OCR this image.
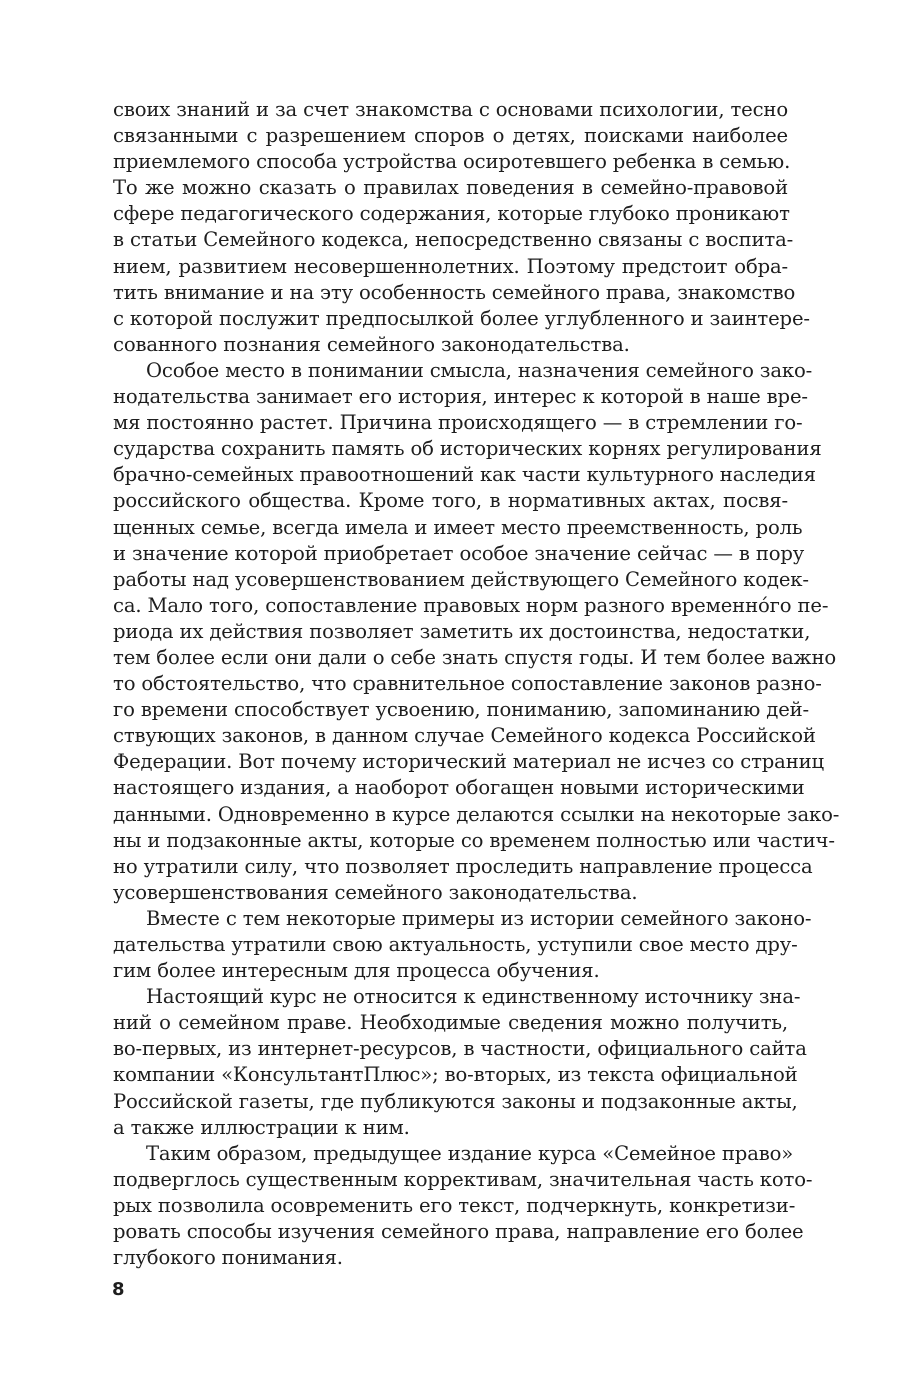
своих знаний и за счет знакомства с основами психологии, тесно
связанными с разрешением споров о детях, поисками наиболее
приемлемого способа устройства осиротевшего ребенка в семью.
То же можно сказать о правилах поведения в семейно-правовой
сфере педагогического содержания, которые глубоко проникают
в статьи Семейного кодекса, непосредственно связаны с воспита-
нием, развитием несовершеннолетних. Поэтому предстоит обра-
тить внимание и на эту особенность семейного права, знакомство
с которой послужит предпосылкой более углубленного и заинтере-
сованного познания семейного законодательства.
Особое место в понимании смысла, назначения семейного зако-
нодательства занимает его история, интерес к которой в наше вре-
мя постоянно растет. Причина происходящего — в стремлении го-
сударства сохранить память об исторических корнях регулирования
брачно-семейных правоотношений как части культурного наследия
российского общества. Кроме того, в нормативных актах, посвя-
щенных семье, всегда имела и имеет место преемственность, роль
и значение которой приобретает особое значение сейчас — в пору
работы над усовершенствованием действующего Семейного кодек-
са. Мало того, сопоставление правовых норм разного временно́го пе-
риода их действия позволяет заметить их достоинства, недостатки,
тем более если они дали о себе знать спустя годы. И тем более важно
то обстоятельство, что сравнительное сопоставление законов разно-
го времени способствует усвоению, пониманию, запоминанию дей-
ствующих законов, в данном случае Семейного кодекса Российской
Федерации. Вот почему исторический материал не исчез со страниц
настоящего издания, а наоборот обогащен новыми историческими
данными. Одновременно в курсе делаются ссылки на некоторые зако-
ны и подзаконные акты, которые со временем полностью или частич-
но утратили силу, что позволяет проследить направление процесса
усовершенствования семейного законодательства.
Вместе с тем некоторые примеры из истории семейного законо-
дательства утратили свою актуальность, уступили свое место дру-
гим более интересным для процесса обучения.
Настоящий курс не относится к единственному источнику зна-
ний о семейном праве. Необходимые сведения можно получить,
во-первых, из интернет-ресурсов, в частности, официального сайта
компании «КонсультантПлюс»; во-вторых, из текста официальной
Российской газеты, где публикуются законы и подзаконные акты,
а также иллюстрации к ним.
Таким образом, предыдущее издание курса «Семейное право»
подверглось существенным коррективам, значительная часть кото-
рых позволила осовременить его текст, подчеркнуть, конкретизи-
ровать способы изучения семейного права, направление его более
глубокого понимания.
8
